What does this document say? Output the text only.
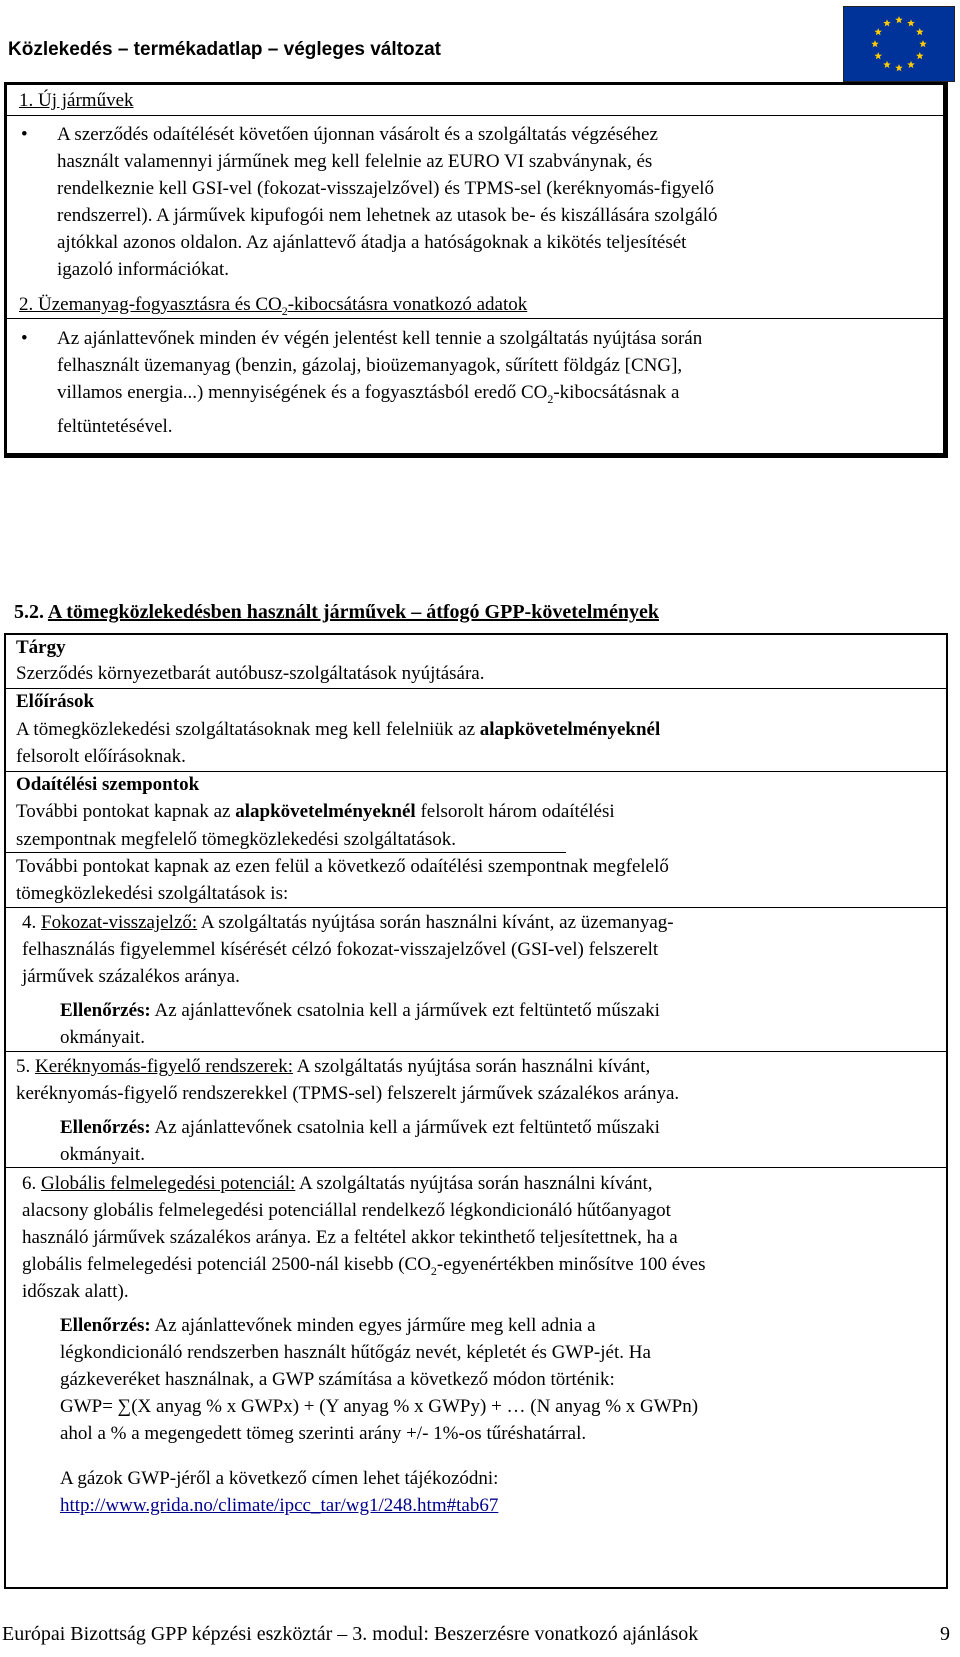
Közlekedés – termékadatlap – végleges változat
1. Új járművek
• A szerződés odaítélését követően újonnan vásárolt és a szolgáltatás végzéséhez
használt valamennyi járműnek meg kell felelnie az EURO VI szabványnak, és
rendelkeznie kell GSI-vel (fokozat-visszajelzővel) és TPMS-sel (keréknyomás-figyelő
rendszerrel). A járművek kipufogói nem lehetnek az utasok be- és kiszállására szolgáló
ajtókkal azonos oldalon. Az ajánlattevő átadja a hatóságoknak a kikötés teljesítését
igazoló információkat.
2. Üzemanyag-fogyasztásra és $CO_2$-kibocsátásra vonatkozó adatok
• Az ajánlattevőnek minden év végén jelentést kell tennie a szolgáltatás nyújtása során
felhasznált üzemanyag (benzin, gázolaj, bioüzemanyagok, sűrített földgáz [CNG],
villamos energia...) mennyiségének és a fogyasztásból eredő $CO_2$-kibocsátásnak a
feltüntetésével.
5.2. A tömegközlekedésben használt járművek – átfogó GPP-követelmények
Tárgy
Szerződés környezetbarát autóbusz-szolgáltatások nyújtására.
Előírások
A tömegközlekedési szolgáltatásoknak meg kell felelniük az alapkövetelményeknél
felsorolt előírásoknak.
Odaítélési szempontok
További pontokat kapnak az alapkövetelményeknél felsorolt három odaítélési
szempontnak megfelelő tömegközlekedési szolgáltatások.
További pontokat kapnak az ezen felül a következő odaítélési szempontnak megfelelő
tömegközlekedési szolgáltatások is:
4. Fokozat-visszajelző: A szolgáltatás nyújtása során használni kívánt, az üzemanyag-
felhasználás figyelemmel kísérését célzó fokozat-visszajelzővel (GSI-vel) felszerelt
járművek százalékos aránya.
Ellenőrzés: Az ajánlattevőnek csatolnia kell a járművek ezt feltüntető műszaki
okmányait.
5. Keréknyomás-figyelő rendszerek: A szolgáltatás nyújtása során használni kívánt,
keréknyomás-figyelő rendszerekkel (TPMS-sel) felszerelt járművek százalékos aránya.
Ellenőrzés: Az ajánlattevőnek csatolnia kell a járművek ezt feltüntető műszaki
okmányait.
6. Globális felmelegedési potenciál: A szolgáltatás nyújtása során használni kívánt,
alacsony globális felmelegedési potenciállal rendelkező légkondicionáló hűtőanyagot
használó járművek százalékos aránya. Ez a feltétel akkor tekinthető teljesítettnek, ha a
globális felmelegedési potenciál 2500-nál kisebb ($CO_2$-egyenértékben minősítve 100 éves
időszak alatt).
Ellenőrzés: Az ajánlattevőnek minden egyes járműre meg kell adnia a
légkondicionáló rendszerben használt hűtőgáz nevét, képletét és GWP-jét. Ha
gázkeveréket használnak, a GWP számítása a következő módon történik:
GWP= ∑(X anyag % x GWPx) + (Y anyag % x GWPy) + … (N anyag % x GWPn)
ahol a % a megengedett tömeg szerinti arány +/- 1%-os tűréshatárral.
A gázok GWP-jéről a következő címen lehet tájékozódni:
http://www.grida.no/climate/ipcc_tar/wg1/248.htm#tab67
Európai Bizottság GPP képzési eszköztár – 3. modul: Beszerzésre vonatkozó ajánlások	9
